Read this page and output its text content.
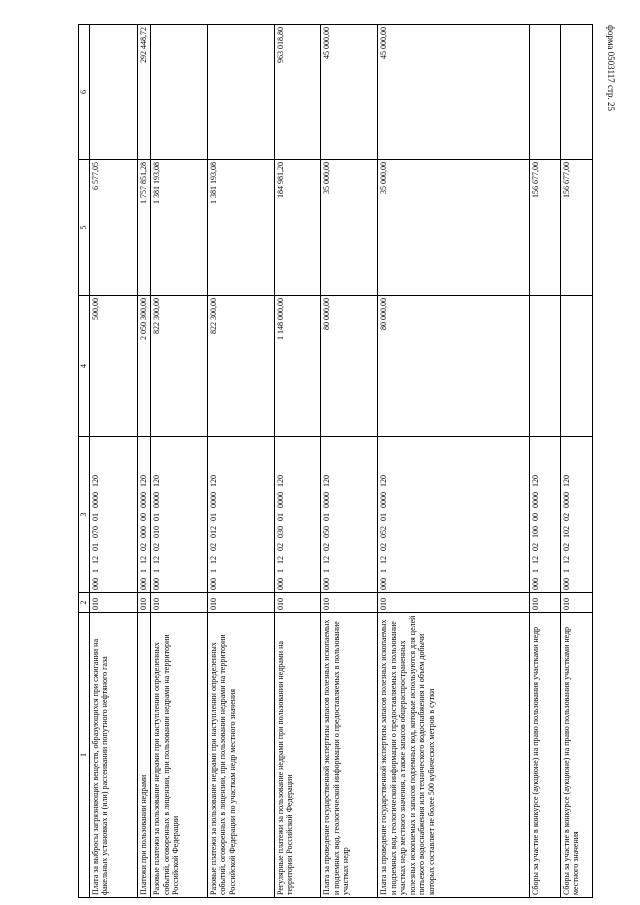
форма 0503117 стр. 25
1	2	3	4	5	6
Плата за выбросы загрязняющих веществ, образующихся при сжигании на факельных установках и (или) рассеивании попутного нефтяного газа	010	00011201070010000120	500,00	6 577,05	
Платежи при пользовании недрами	010	00011202000000000120	2 050 300,00	1 757 851,28	292 448,72
Разовые платежи за пользование недрами при наступлении определенных событий, оговоренных в лицензии, при пользовании недрами на территории Российской Федерации	010	00011202010010000120	822 300,00	1 381 193,08	
Разовые платежи за пользование недрами при наступлении определенных событий, оговоренных в лицензии, при пользовании недрами на территории Российской Федерации по участкам недр местного значения	010	00011202012010000120	822 300,00	1 381 193,08	
Регулярные платежи за пользование недрами при пользовании недрами на территории Российской Федерации	010	00011202030010000120	1 148 000,00	184 981,20	963 018,80
Плата за проведение государственной экспертизы запасов полезных ископаемых и подземных вод, геологической информации о предоставляемых в пользование участках недр	010	00011202050010000120	80 000,00	35 000,00	45 000,00
Плата за проведение государственной экспертизы запасов полезных ископаемых и подземных вод, геологической информации о предоставляемых в пользование участках недр местного значения, а также запасов общераспространенных полезных ископаемых и запасов подземных вод, которые используются для целей питьевого водоснабжения или технического водоснабжения и объем добычи которых составляет не более 500 кубических метров в сутки	010	00011202052010000120	80 000,00	35 000,00	45 000,00
Сборы за участие в конкурсе (аукционе) на право пользования участками недр	010	00011202100000000120		156 677,00	
Сборы за участие в конкурсе (аукционе) на право пользования участками недр местного значения	010	00011202102020000120		156 677,00	
